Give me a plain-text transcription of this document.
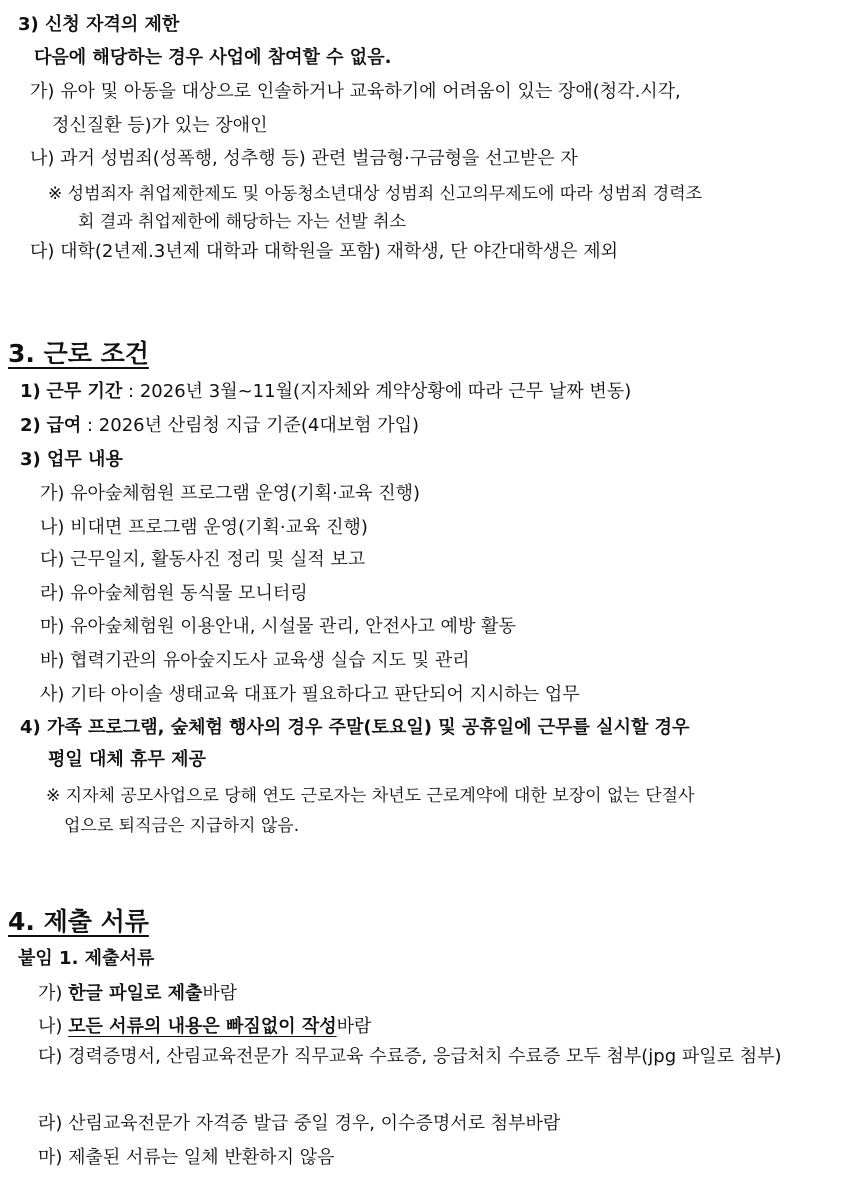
3) 신청 자격의 제한
다음에 해당하는 경우 사업에 참여할 수 없음.
가) 유아 및 아동을 대상으로 인솔하거나 교육하기에 어려움이 있는 장애(청각.시각,
정신질환 등)가 있는 장애인
나) 과거 성범죄(성폭행, 성추행 등) 관련 벌금형·구금형을 선고받은 자
※ 성범죄자 취업제한제도 및 아동청소년대상 성범죄 신고의무제도에 따라 성범죄 경력조
회 결과 취업제한에 해당하는 자는 선발 취소
다) 대학(2년제.3년제 대학과 대학원을 포함) 재학생, 단 야간대학생은 제외
3. 근로 조건
1) 근무 기간 : 2026년 3월~11월(지자체와 계약상황에 따라 근무 날짜 변동)
2) 급여 : 2026년 산림청 지급 기준(4대보험 가입)
3) 업무 내용
가) 유아숲체험원 프로그램 운영(기획·교육 진행)
나) 비대면 프로그램 운영(기획·교육 진행)
다) 근무일지, 활동사진 정리 및 실적 보고
라) 유아숲체험원 동식물 모니터링
마) 유아숲체험원 이용안내, 시설물 관리, 안전사고 예방 활동
바) 협력기관의 유아숲지도사 교육생 실습 지도 및 관리
사) 기타 아이솔 생태교육 대표가 필요하다고 판단되어 지시하는 업무
4) 가족 프로그램, 숲체험 행사의 경우 주말(토요일) 및 공휴일에 근무를 실시할 경우
평일 대체 휴무 제공
※ 지자체 공모사업으로 당해 연도 근로자는 차년도 근로계약에 대한 보장이 없는 단절사
업으로 퇴직금은 지급하지 않음.
4. 제출 서류
붙임 1. 제출서류
가) 한글 파일로 제출바람
나) 모든 서류의 내용은 빠짐없이 작성바람
다) 경력증명서, 산림교육전문가 직무교육 수료증, 응급처치 수료증 모두 첨부(jpg 파일로 첨부)
라) 산림교육전문가 자격증 발급 중일 경우, 이수증명서로 첨부바람
마) 제출된 서류는 일체 반환하지 않음
